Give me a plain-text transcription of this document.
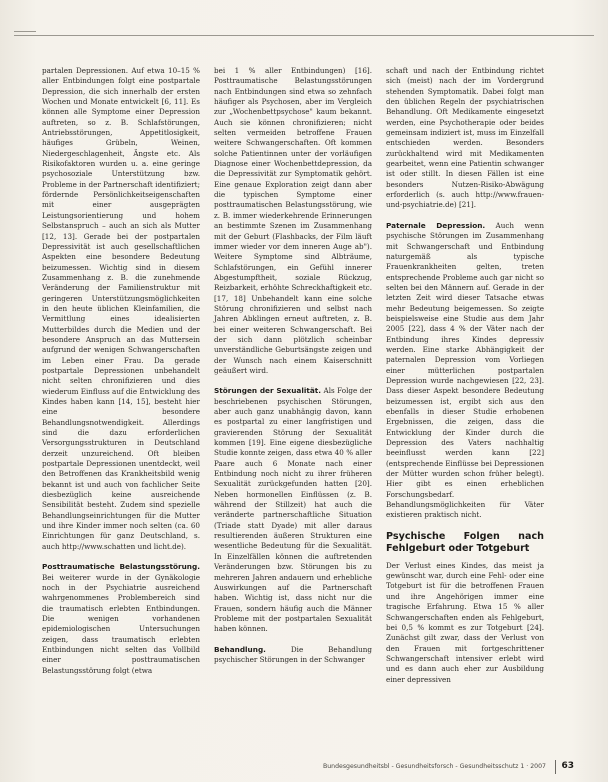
partalen Depressionen. Auf etwa 10–15 % aller Entbindungen folgt eine postpartale Depression, die sich innerhalb der ersten Wochen und Monate entwickelt [6, 11]. Es können alle Symptome einer Depression auftreten, so z. B. Schlafstörungen, Antriebsstörungen, Appetitlosigkeit, häufiges Grübeln, Weinen, Niedergeschlagenheit, Ängste etc. Als Risikofaktoren wurden u. a. eine geringe psychosoziale Unterstützung bzw. Probleme in der Partnerschaft identifiziert; fördernde Persönlichkeitseigenschaften mit einer ausgeprägten Leistungsorientierung und hohem Selbstanspruch – auch an sich als Mutter [12, 13]. Gerade bei der postpartalen Depressivität ist auch gesellschaftlichen Aspekten eine besondere Bedeutung beizumessen. Wichtig sind in diesem Zusammenhang z. B. die zunehmende Veränderung der Familienstruktur mit geringeren Unterstützungsmöglichkeiten in den heute üblichen Kleinfamilien, die Vermittlung eines idealisierten Mutterbildes durch die Medien und der besondere Anspruch an das Muttersein aufgrund der wenigen Schwangerschaften im Leben einer Frau. Da gerade postpartale Depressionen unbehandelt nicht selten chronifizieren und dies wiederum Einfluss auf die Entwicklung des Kindes haben kann [14, 15], besteht hier eine besondere Behandlungsnotwendigkeit. Allerdings sind die dazu erforderlichen Versorgungsstrukturen in Deutschland derzeit unzureichend. Oft bleiben postpartale Depressionen unentdeckt, weil den Betroffenen das Krankheitsbild wenig bekannt ist und auch von fachlicher Seite diesbezüglich keine ausreichende Sensibilität besteht. Zudem sind spezielle Behandlungseinrichtungen für die Mutter und ihre Kinder immer noch selten (ca. 60 Einrichtungen für ganz Deutschland, s. auch http://www.schatten und licht.de).

Posttraumatische Belastungsstörung. Bei weiterer wurde in der Gynäkologie noch in der Psychiatrie ausreichend wahrgenommenes Problembereich sind die traumatisch erlebten Entbindungen. Die wenigen vorhandenen epidemiologischen Untersuchungen zeigen, dass traumatisch erlebten Entbindungen nicht selten das Vollbild einer posttraumatischen Belastungsstörung folgt (etwa

bei 1 % aller Entbindungen) [16]. Posttraumatische Belastungsstörungen nach Entbindungen sind etwa so zehnfach häufiger als Psychosen, aber im Vergleich zur „Wochenbettpsychose" kaum bekannt. Auch sie können chronifizieren; nicht selten vermeiden betroffene Frauen weitere Schwangerschaften. Oft kommen solche Patientinnen unter der vorläufigen Diagnose einer Wochenbettdepression, da die Depressivität zur Symptomatik gehört. Eine genaue Exploration zeigt dann aber die typischen Symptome einer posttraumatischen Belastungsstörung, wie z. B. immer wiederkehrende Erinnerungen an bestimmte Szenen im Zusammenhang mit der Geburt (Flashbacks, der Film läuft immer wieder vor dem inneren Auge ab"). Weitere Symptome sind Albträume, Schlafstörungen, ein Gefühl innerer Abgestumpftheit, soziale Rückzug, Reizbarkeit, erhöhte Schreckhaftigkeit etc. [17, 18] Unbehandelt kann eine solche Störung chronifizieren und selbst nach Jahren Abklingen erneut auftreten, z. B. bei einer weiteren Schwangerschaft. Bei der sich dann plötzlich scheinbar unverständliche Geburtsängste zeigen und der Wunsch nach einem Kaiserschnitt geäußert wird.

Störungen der Sexualität. Als Folge der beschriebenen psychischen Störungen, aber auch ganz unabhängig davon, kann es postpartal zu einer langfristigen und gravierenden Störung der Sexualität kommen [19]. Eine eigene diesbezügliche Studie konnte zeigen, dass etwa 40 % aller Paare auch 6 Monate nach einer Entbindung noch nicht zu ihrer früheren Sexualität zurückgefunden hatten [20]. Neben hormonellen Einflüssen (z. B. während der Stillzeit) hat auch die veränderte partnerschaftliche Situation (Triade statt Dyade) mit aller daraus resultierenden äußeren Strukturen eine wesentliche Bedeutung für die Sexualität. In Einzelfällen können die auftretenden Veränderungen bzw. Störungen bis zu mehreren Jahren andauern und erhebliche Auswirkungen auf die Partnerschaft haben. Wichtig ist, dass nicht nur die Frauen, sondern häufig auch die Männer Probleme mit der postpartalen Sexualität haben können.

Behandlung.	Die Behandlung psychischer Störungen in der Schwanger

schaft und nach der Entbindung richtet sich (meist) nach der im Vordergrund stehenden Symptomatik. Dabei folgt man den üblichen Regeln der psychiatrischen Behandlung. Oft Medikamente eingesetzt werden, eine Psychotherapie oder beides gemeinsam indiziert ist, muss im Einzelfall entschieden werden. Besonders zurückhaltend wird mit Medikamenten gearbeitet, wenn eine Patientin schwanger ist oder stillt. In diesen Fällen ist eine besonders Nutzen-Risiko-Abwägung erforderlich (s. auch http://www.frauen-und-psychiatrie.de) [21].

Paternale Depression. Auch wenn psychische Störungen im Zusammenhang mit Schwangerschaft und Entbindung naturgemäß als typische Frauenkrankheiten gelten, treten entsprechende Probleme auch gar nicht so selten bei den Männern auf. Gerade in der letzten Zeit wird dieser Tatsache etwas mehr Bedeutung beigemessen. So zeigte beispielsweise eine Studie aus dem Jahr 2005 [22], dass 4 % der Väter nach der Entbindung ihres Kindes depressiv werden. Eine starke Abhängigkeit der paternalen Depression vom Vorliegen einer mütterlichen postpartalen Depression wurde nachgewiesen [22, 23]. Dass dieser Aspekt besondere Bedeutung beizumessen ist, ergibt sich aus den ebenfalls in dieser Studie erhobenen Ergebnissen, die zeigen, dass die Entwicklung der Kinder durch die Depression des Vaters nachhaltig beeinflusst werden kann [22] (entsprechende Einflüsse bei Depressionen der Mütter wurden schon früher belegt). Hier gibt es einen erheblichen Forschungsbedarf. Behandlungsmöglichkeiten für Väter existieren praktisch nicht.

Psychische Folgen nach Fehlgeburt oder Totgeburt

Der Verlust eines Kindes, das meist ja gewünscht war, durch eine Fehl- oder eine Totgeburt ist für die betroffenen Frauen und ihre Angehörigen immer eine tragische Erfahrung. Etwa 15 % aller Schwangerschaften enden als Fehlgeburt, bei 0,5 % kommt es zur Totgeburt [24]. Zunächst gilt zwar, dass der Verlust von den Frauen mit fortgeschrittener Schwangerschaft intensiver erlebt wird und es dann auch eher zur Ausbildung einer depressiven

Bundesgesundheitsbl - Gesundheitsforsch - Gesundheitsschutz 1 · 2007 63
